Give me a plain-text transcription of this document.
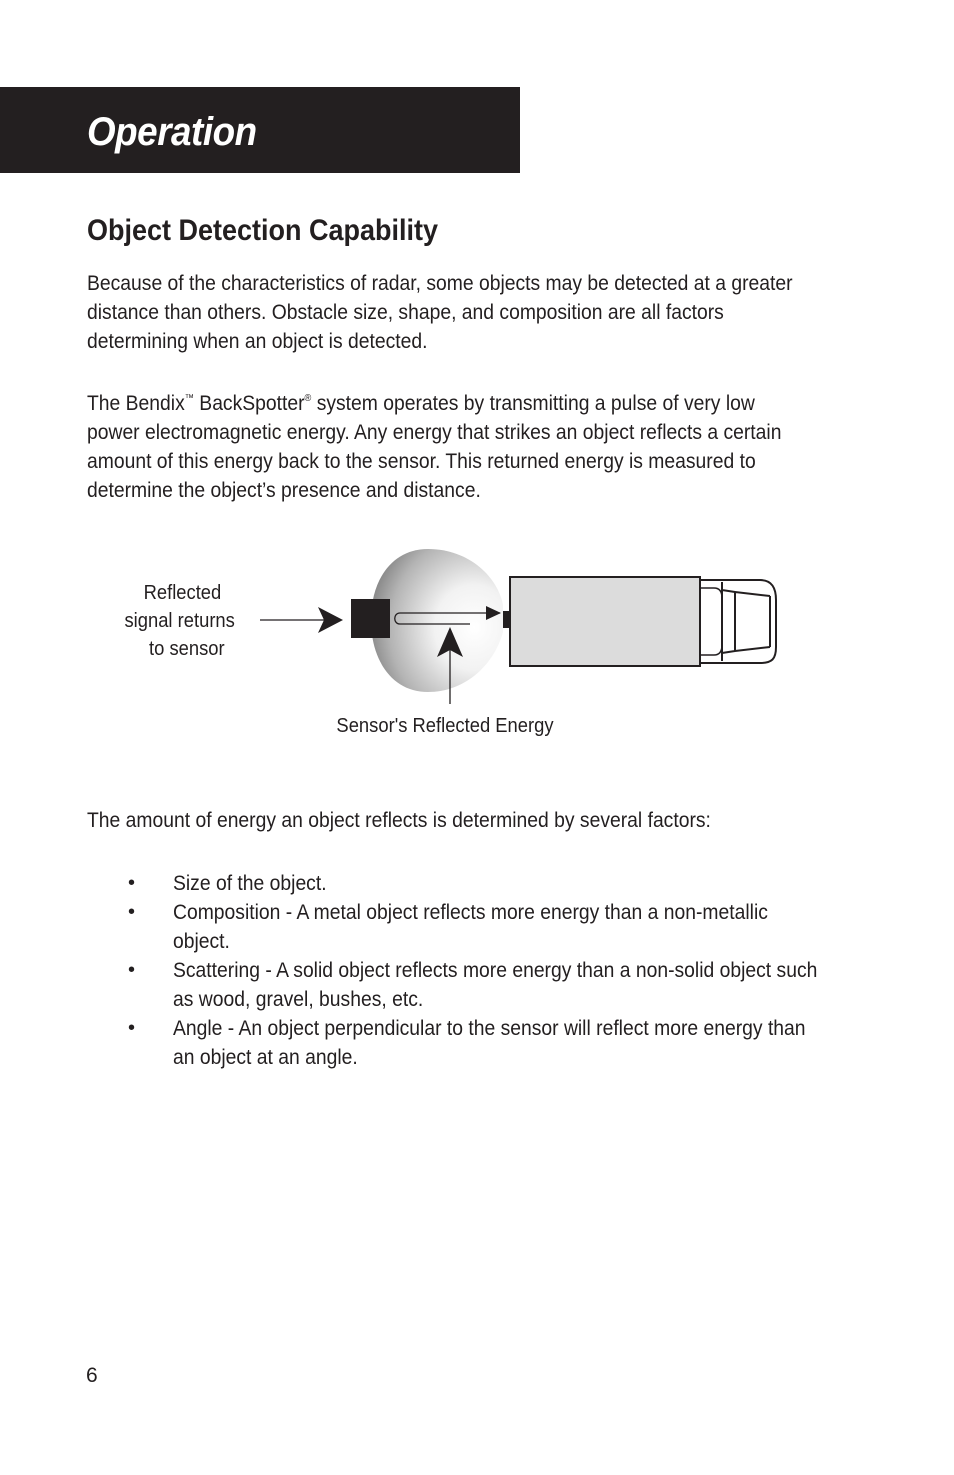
Operation
Object Detection Capability

Because of the characteristics of radar, some objects may be detected at a greater distance than others. Obstacle size, shape, and composition are all factors determining when an object is detected.

The Bendix™ BackSpotter® system operates by transmitting a pulse of very low power electromagnetic energy. Any energy that strikes an object reflects a certain amount of this energy back to the sensor. This returned energy is measured to determine the object’s presence and distance.

Reflected signal returns to sensor
Sensor's Reflected Energy

The amount of energy an object reflects is determined by several factors:

• Size of the object.
• Composition - A metal object reflects more energy than a non-metallic object.
• Scattering - A solid object reflects more energy than a non-solid object such as wood, gravel, bushes, etc.
• Angle - An object perpendicular to the sensor will reflect more energy than an object at an angle.
6
